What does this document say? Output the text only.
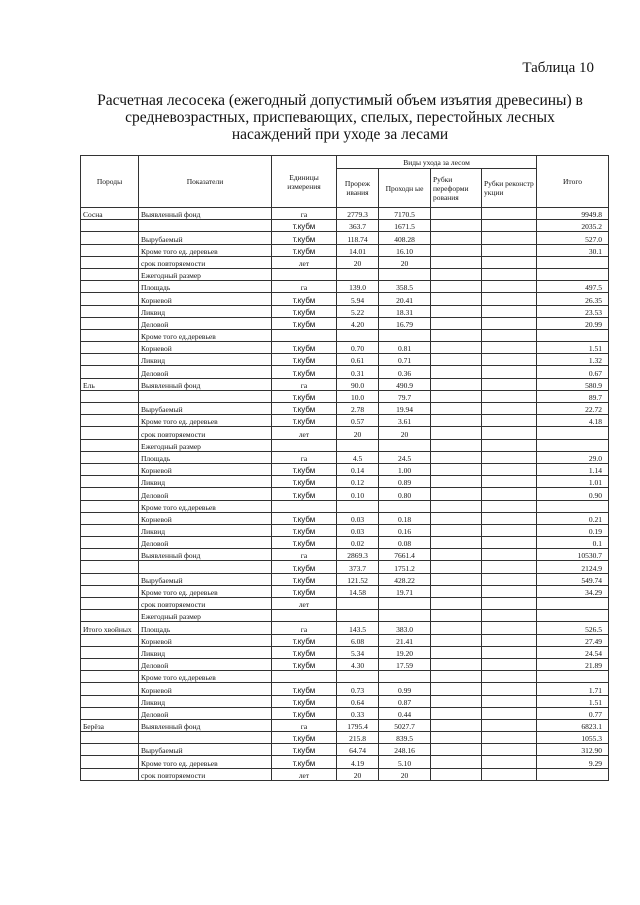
Таблица 10
Расчетная лесосека (ежегодный допустимый объем изъятия древесины) в средневозрастных, приспевающих, спелых, перестойных лесных насаждений при уходе за лесами
Породы	Показатели	Единицы измерения	Виды ухода за лесом				Итого
			Прореж ивания	Проходн ые	Рубки переформи рования	Рубки реконстр укции	
Сосна	Выявленный фонд	га	2779.3	7170.5			9949.8
		т.кубм	363.7	1671.5			2035.2
	Вырубаемый	т.кубм	118.74	408.28			527.0
	Кроме того ед. деревьев	т.кубм	14.01	16.10			30.1
	срок повторяемости	лет	20	20			
	Ежегодный размер						
	Площадь	га	139.0	358.5			497.5
	Корневой	т.кубм	5.94	20.41			26.35
	Ликвид	т.кубм	5.22	18.31			23.53
	Деловой	т.кубм	4.20	16.79			20.99
	Кроме того ед.деревьев						
	Корневой	т.кубм	0.70	0.81			1.51
	Ликвид	т.кубм	0.61	0.71			1.32
	Деловой	т.кубм	0.31	0.36			0.67
Ель	Выявленный фонд	га	90.0	490.9			580.9
		т.кубм	10.0	79.7			89.7
	Вырубаемый	т.кубм	2.78	19.94			22.72
	Кроме того ед. деревьев	т.кубм	0.57	3.61			4.18
	срок повторяемости	лет	20	20			
	Ежегодный размер						
	Площадь	га	4.5	24.5			29.0
	Корневой	т.кубм	0.14	1.00			1.14
	Ликвид	т.кубм	0.12	0.89			1.01
	Деловой	т.кубм	0.10	0.80			0.90
	Кроме того ед.деревьев						
	Корневой	т.кубм	0.03	0.18			0.21
	Ликвид	т.кубм	0.03	0.16			0.19
	Деловой	т.кубм	0.02	0.08			0.1
	Выявленный фонд	га	2869.3	7661.4			10530.7
		т.кубм	373.7	1751.2			2124.9
	Вырубаемый	т.кубм	121.52	428.22			549.74
	Кроме того ед. деревьев	т.кубм	14.58	19.71			34.29
	срок повторяемости	лет					
	Ежегодный размер						
Итого хвойных	Площадь	га	143.5	383.0			526.5
	Корневой	т.кубм	6.08	21.41			27.49
	Ликвид	т.кубм	5.34	19.20			24.54
	Деловой	т.кубм	4.30	17.59			21.89
	Кроме того ед.деревьев						
	Корневой	т.кубм	0.73	0.99			1.71
	Ликвид	т.кубм	0.64	0.87			1.51
	Деловой	т.кубм	0.33	0.44			0.77
Берёза	Выявленный фонд	га	1795.4	5027.7			6823.1
		т.кубм	215.8	839.5			1055.3
	Вырубаемый	т.кубм	64.74	248.16			312.90
	Кроме того ед. деревьев	т.кубм	4.19	5.10			9.29
	срок повторяемости	лет	20	20			
